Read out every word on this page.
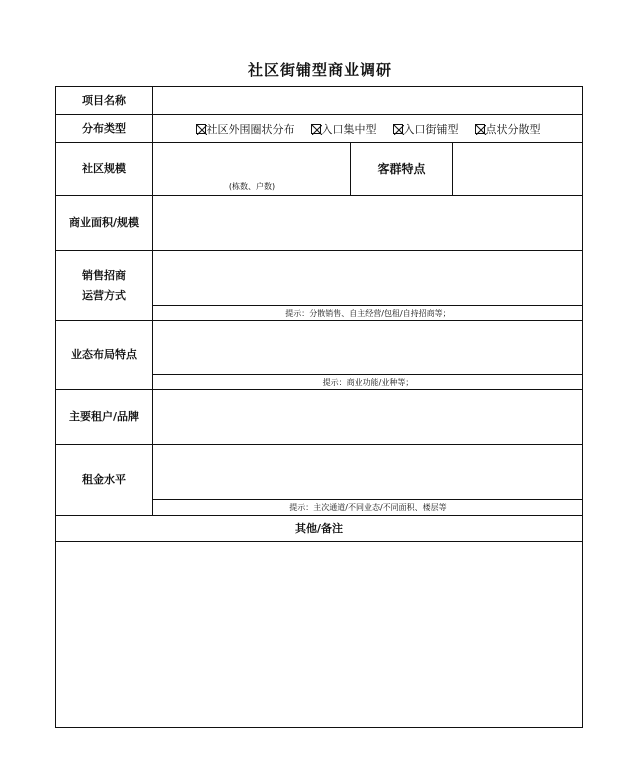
社区街铺型商业调研
项目名称
分布类型	社区外围圈状分布 入口集中型 入口街铺型 点状分散型
社区规模
(栋数、户数)
客群特点
商业面积/规模
销售招商
运营方式
提示：分散销售、自主经营/包租/自持招商等；
业态布局特点
提示：商业功能/业种等；
主要租户/品牌
租金水平
提示：主次通道/不同业态/不同面积、楼层等
其他/备注
